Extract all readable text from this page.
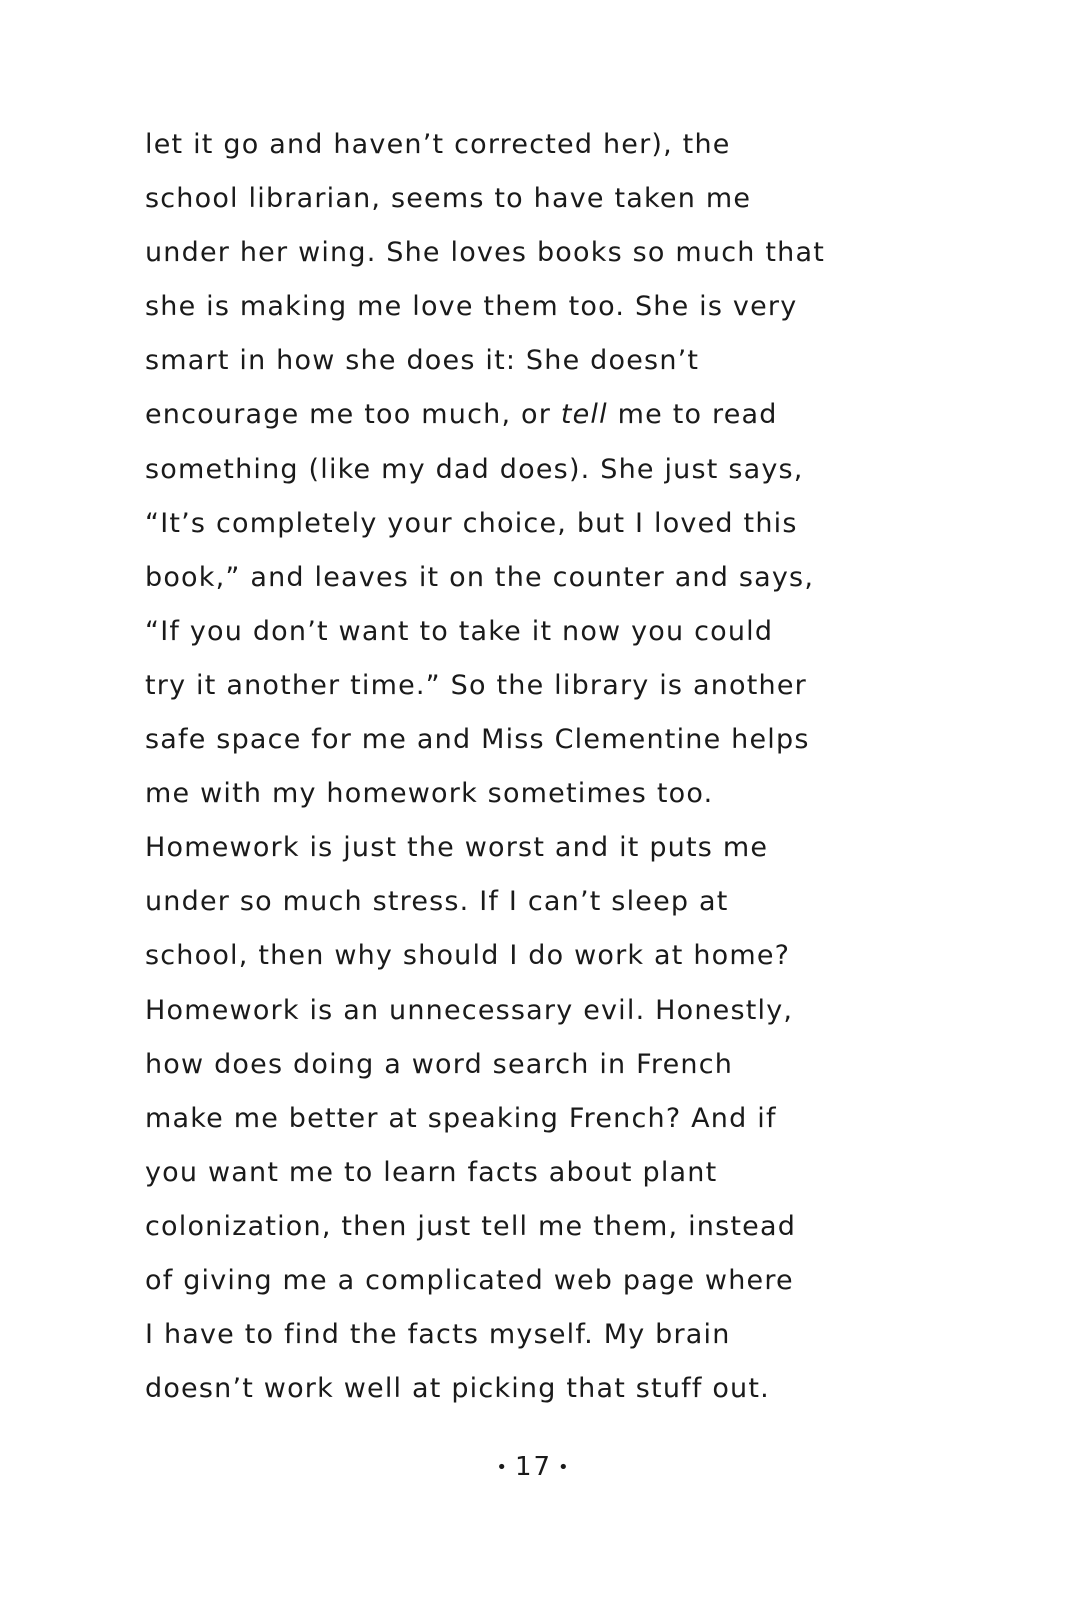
let it go and haven’t corrected her), the
school librarian, seems to have taken me
under her wing. She loves books so much that
she is making me love them too. She is very
smart in how she does it: She doesn’t
encourage me too much, or tell me to read
something (like my dad does). She just says,
“It’s completely your choice, but I loved this
book,” and leaves it on the counter and says,
“If you don’t want to take it now you could
try it another time.” So the library is another
safe space for me and Miss Clementine helps
me with my homework sometimes too.
Homework is just the worst and it puts me
under so much stress. If I can’t sleep at
school, then why should I do work at home?
Homework is an unnecessary evil. Honestly,
how does doing a word search in French
make me better at speaking French? And if
you want me to learn facts about plant
colonization, then just tell me them, instead
of giving me a complicated web page where
I have to find the facts myself. My brain
doesn’t work well at picking that stuff out.
• 17 •
